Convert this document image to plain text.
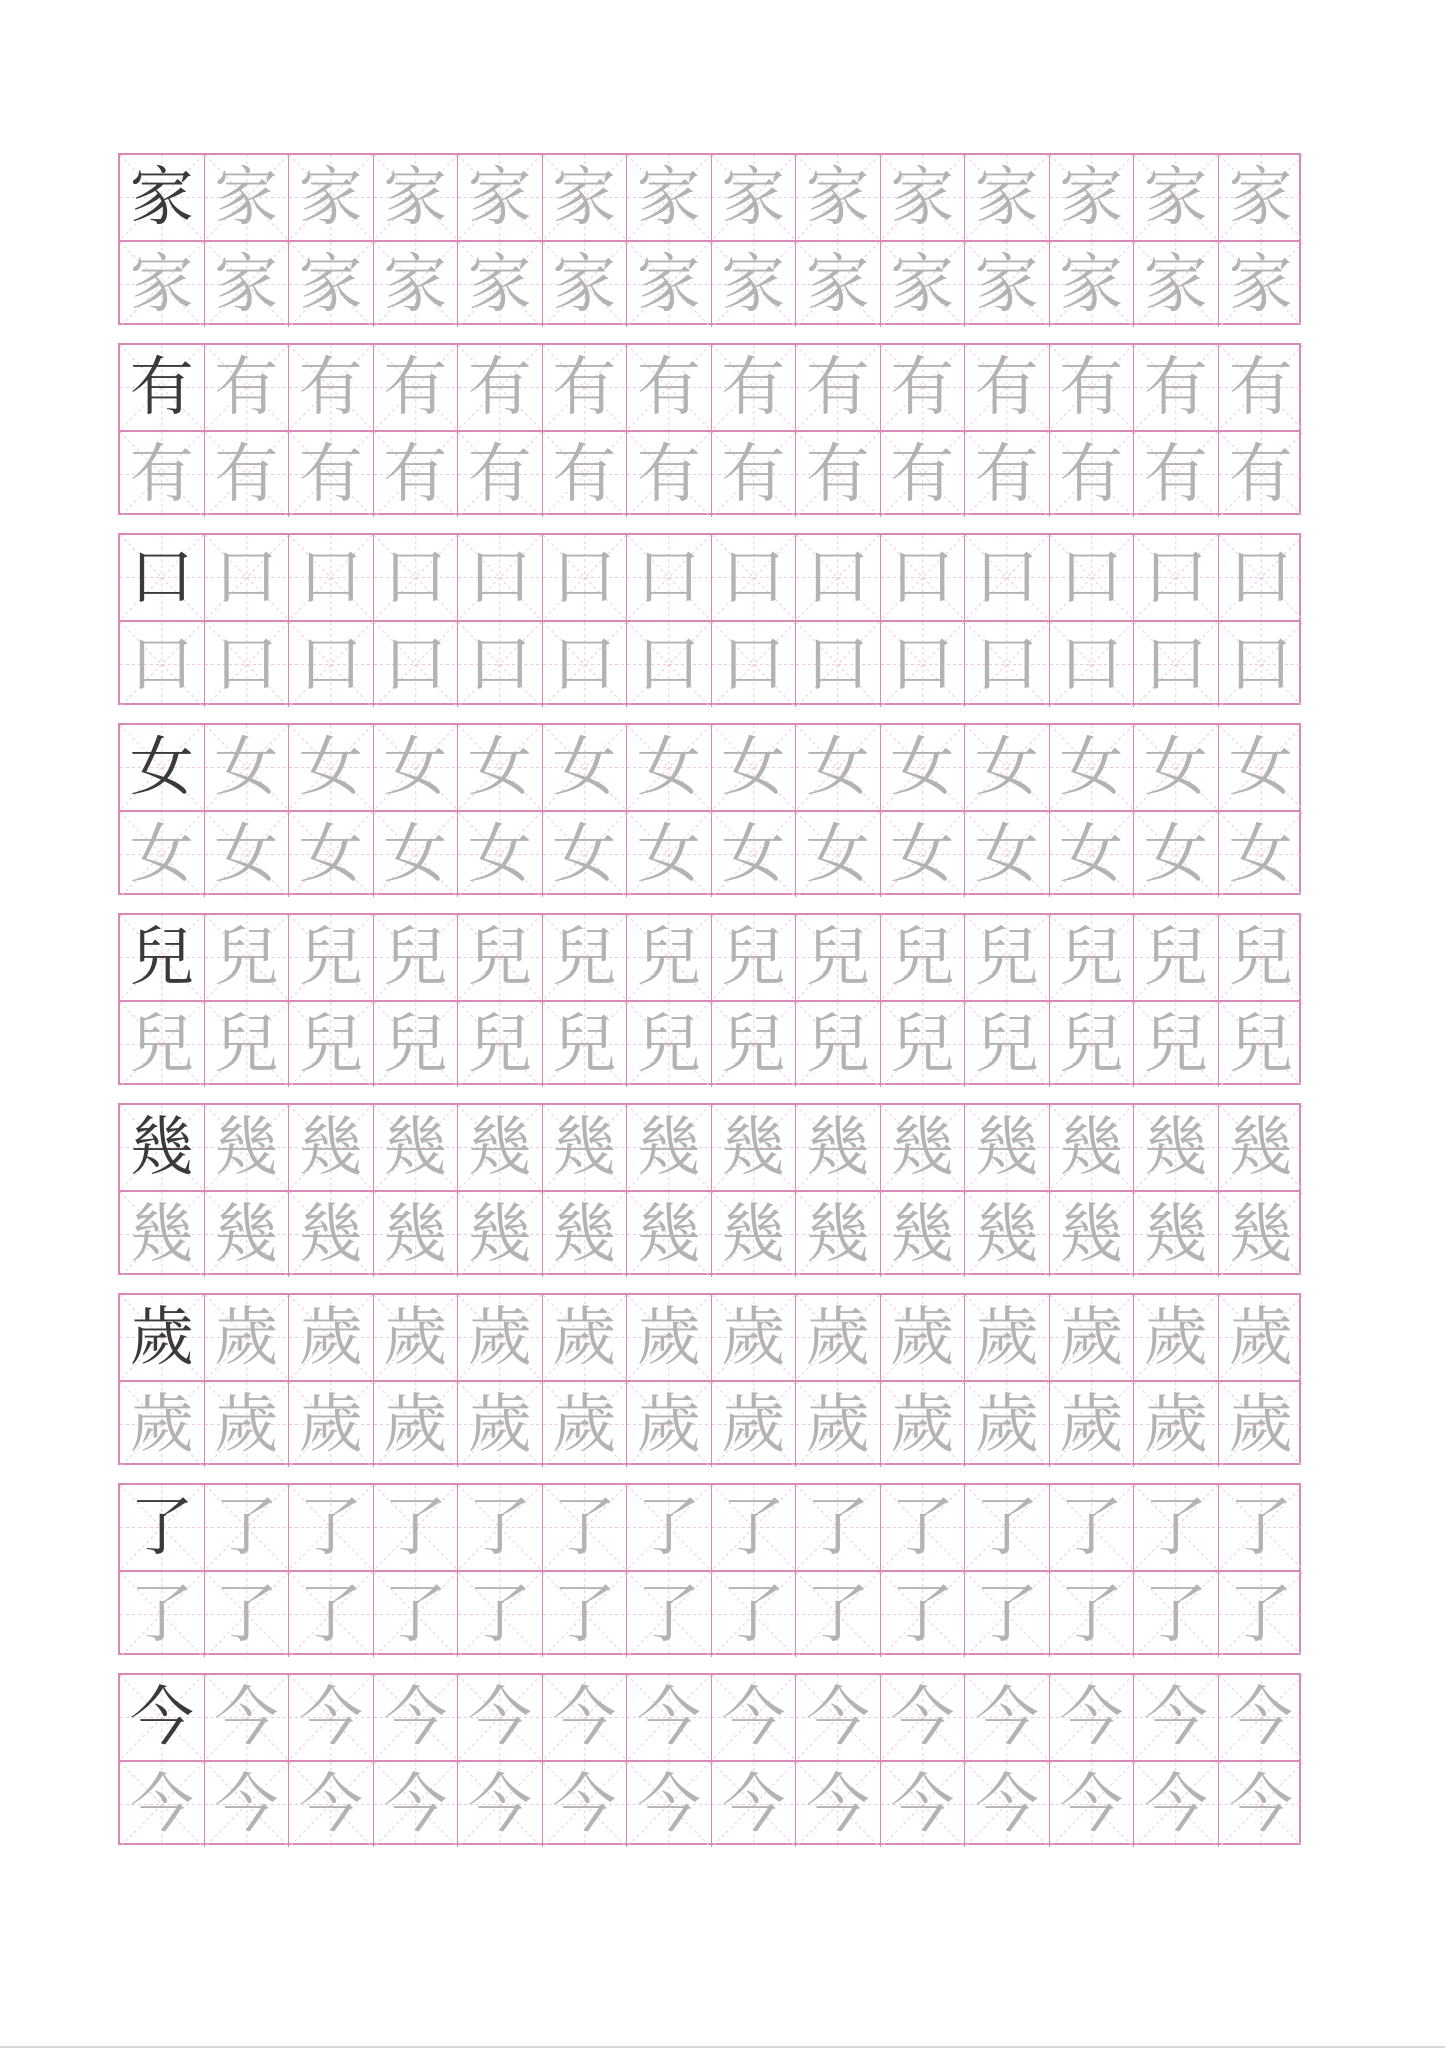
家 家 家 家 家 家 家 家 家 家 家 家 家 家
家 家 家 家 家 家 家 家 家 家 家 家 家 家
有 有 有 有 有 有 有 有 有 有 有 有 有 有
有 有 有 有 有 有 有 有 有 有 有 有 有 有
口 口 口 口 口 口 口 口 口 口 口 口 口 口
口 口 口 口 口 口 口 口 口 口 口 口 口 口
女 女 女 女 女 女 女 女 女 女 女 女 女 女
女 女 女 女 女 女 女 女 女 女 女 女 女 女
兒 兒 兒 兒 兒 兒 兒 兒 兒 兒 兒 兒 兒 兒
兒 兒 兒 兒 兒 兒 兒 兒 兒 兒 兒 兒 兒 兒
幾 幾 幾 幾 幾 幾 幾 幾 幾 幾 幾 幾 幾 幾
幾 幾 幾 幾 幾 幾 幾 幾 幾 幾 幾 幾 幾 幾
歲 歲 歲 歲 歲 歲 歲 歲 歲 歲 歲 歲 歲 歲
歲 歲 歲 歲 歲 歲 歲 歲 歲 歲 歲 歲 歲 歲
了 了 了 了 了 了 了 了 了 了 了 了 了 了
了 了 了 了 了 了 了 了 了 了 了 了 了 了
今 今 今 今 今 今 今 今 今 今 今 今 今 今
今 今 今 今 今 今 今 今 今 今 今 今 今 今
